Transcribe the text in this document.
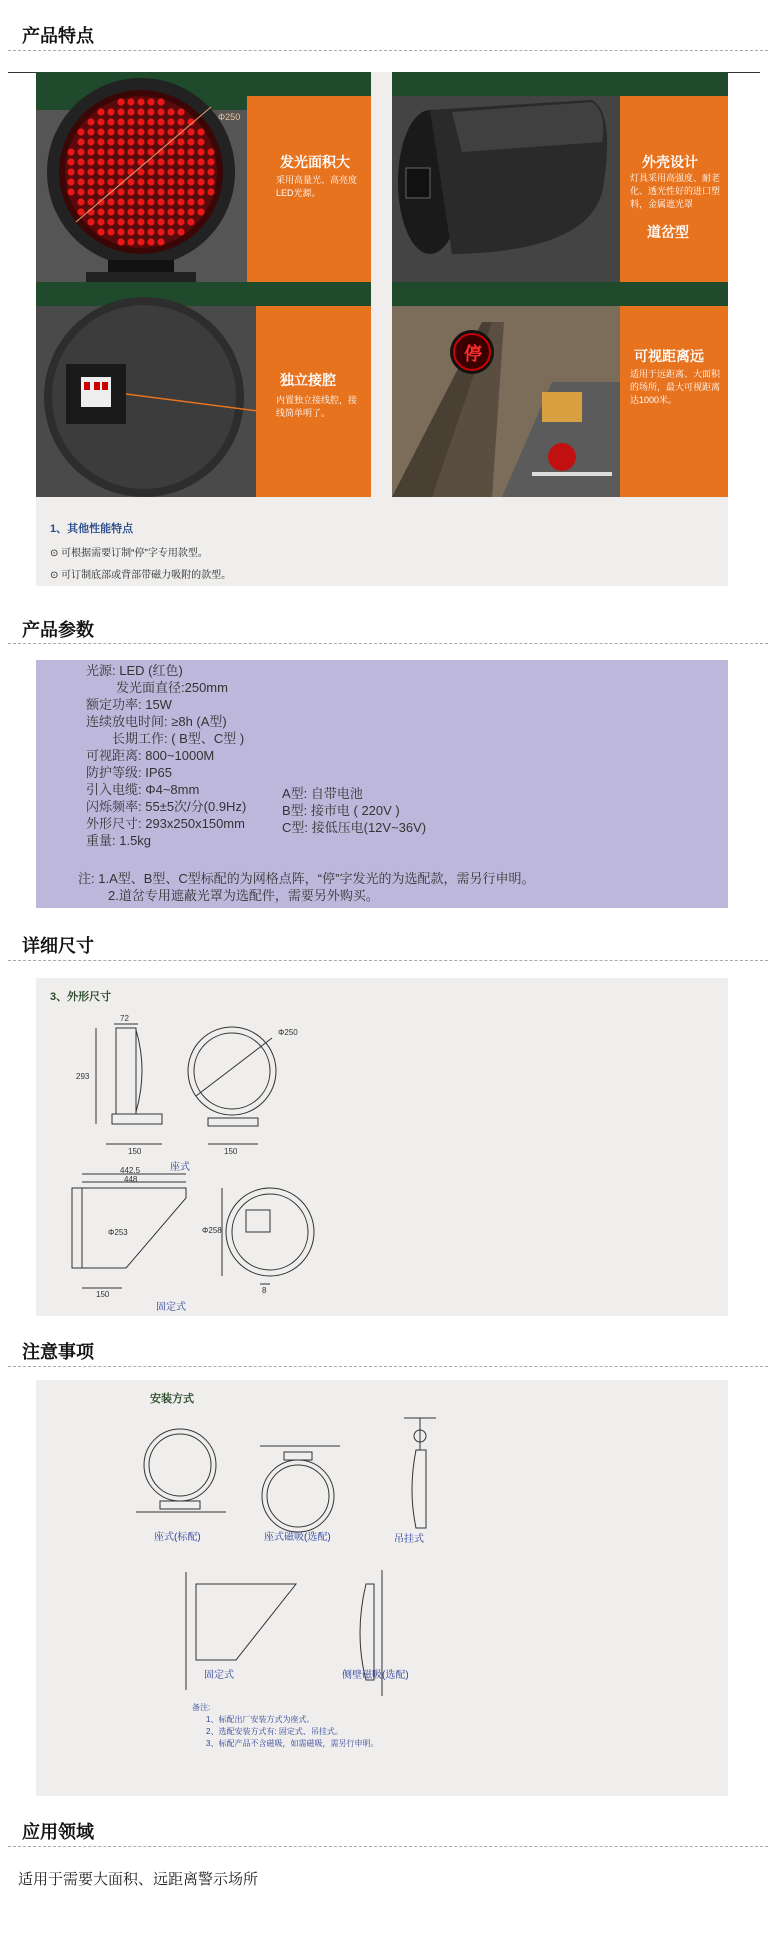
产品特点
Φ250
发光面积大
采用高量光、高亮度LED光源。
外壳设计
灯具采用高强度、耐老化、透光性好的进口塑料，金属遮光罩
道岔型
独立接腔
内置独立接线腔，接线简单明了。
停	可视距离远
适用于远距离、大面积的场所，最大可视距离达1000米。
1、其他性能特点
⊙ 可根据需要订制“停”字专用款型。
⊙ 可订制底部或背部带磁力吸附的款型。
产品参数
光源: LED (红色)
发光面直径:250mm
额定功率: 15W
连续放电时间: ≥8h (A型)
长期工作: ( B型、C型 )
可视距离: 800~1000M
防护等级: IP65
引入电缆: Φ4~8mm
闪烁频率: 55±5次/分(0.9Hz)
外形尺寸: 293x250x150mm
重量: 1.5kg
A型: 自带电池
B型: 接市电 ( 220V )
C型: 接低压电(12V~36V)
注: 1.A型、B型、C型标配的为网格点阵，“停”字发光的为选配款，需另行申明。
2.道岔专用遮蔽光罩为选配件，需要另外购买。
详细尺寸
3、外形尺寸
72
293
Φ250
150	150
座式
442.5
448
Φ253	Φ258
150	8
固定式
注意事项
安装方式
座式(标配)	座式磁吸(选配)	吊挂式
固定式	侧壁磁吸(选配)
备注:
1、标配出厂安装方式为座式。
2、选配安装方式有: 固定式、吊挂式。
3、标配产品不含磁吸，如需磁吸，需另行申明。
应用领域
适用于需要大面积、远距离警示场所
